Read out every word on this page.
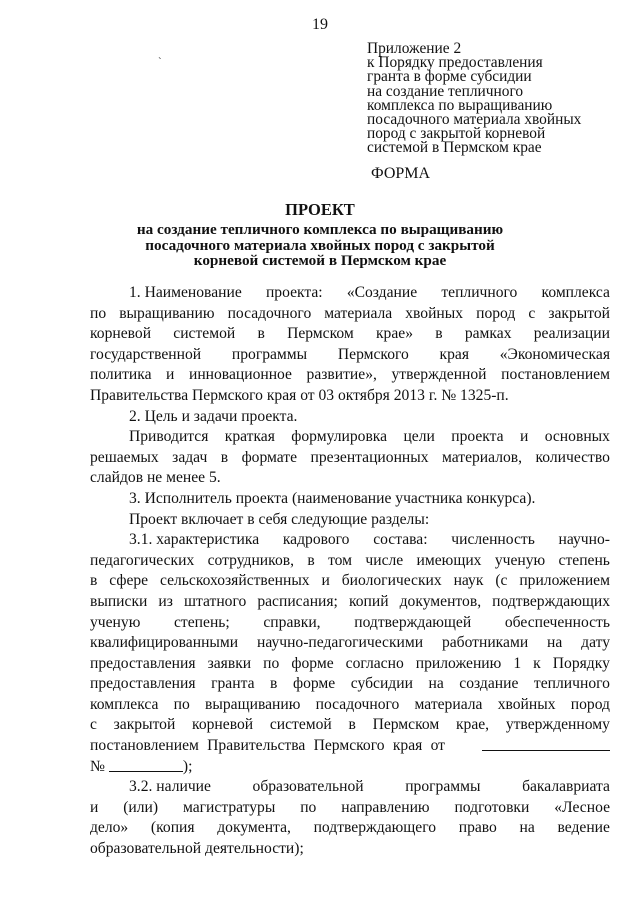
19
`
Приложение 2
к Порядку предоставления
гранта в форме субсидии
на создание тепличного
комплекса по выращиванию
посадочного материала хвойных
пород с закрытой корневой
системой в Пермском крае
ФОРМА
ПРОЕКТ
на создание тепличного комплекса по выращиванию
посадочного материала хвойных пород с закрытой
корневой системой в Пермском крае
1. Наименование проекта: «Создание тепличного комплекса
по выращиванию посадочного материала хвойных пород с закрытой
корневой системой в Пермском крае» в рамках реализации
государственной программы Пермского края «Экономическая
политика и инновационное развитие», утвержденной постановлением
Правительства Пермского края от 03 октября 2013 г. № 1325-п.
2. Цель и задачи проекта.
Приводится краткая формулировка цели проекта и основных
решаемых задач в формате презентационных материалов, количество
слайдов не менее 5.
3. Исполнитель проекта (наименование участника конкурса).
Проект включает в себя следующие разделы:
3.1. характеристика кадрового состава: численность научно-
педагогических сотрудников, в том числе имеющих ученую степень
в сфере сельскохозяйственных и биологических наук (с приложением
выписки из штатного расписания; копий документов, подтверждающих
ученую степень; справки, подтверждающей обеспеченность
квалифицированными научно-педагогическими работниками на дату
предоставления заявки по форме согласно приложению 1 к Порядку
предоставления гранта в форме субсидии на создание тепличного
комплекса по выращиванию посадочного материала хвойных пород
с закрытой корневой системой в Пермском крае, утвержденному
постановлением Правительства Пермского края от
№	);
3.2. наличие	образовательной	программы	бакалавриата
и (или) магистратуры по направлению подготовки «Лесное
дело» (копия документа, подтверждающего право на ведение
образовательной деятельности);
